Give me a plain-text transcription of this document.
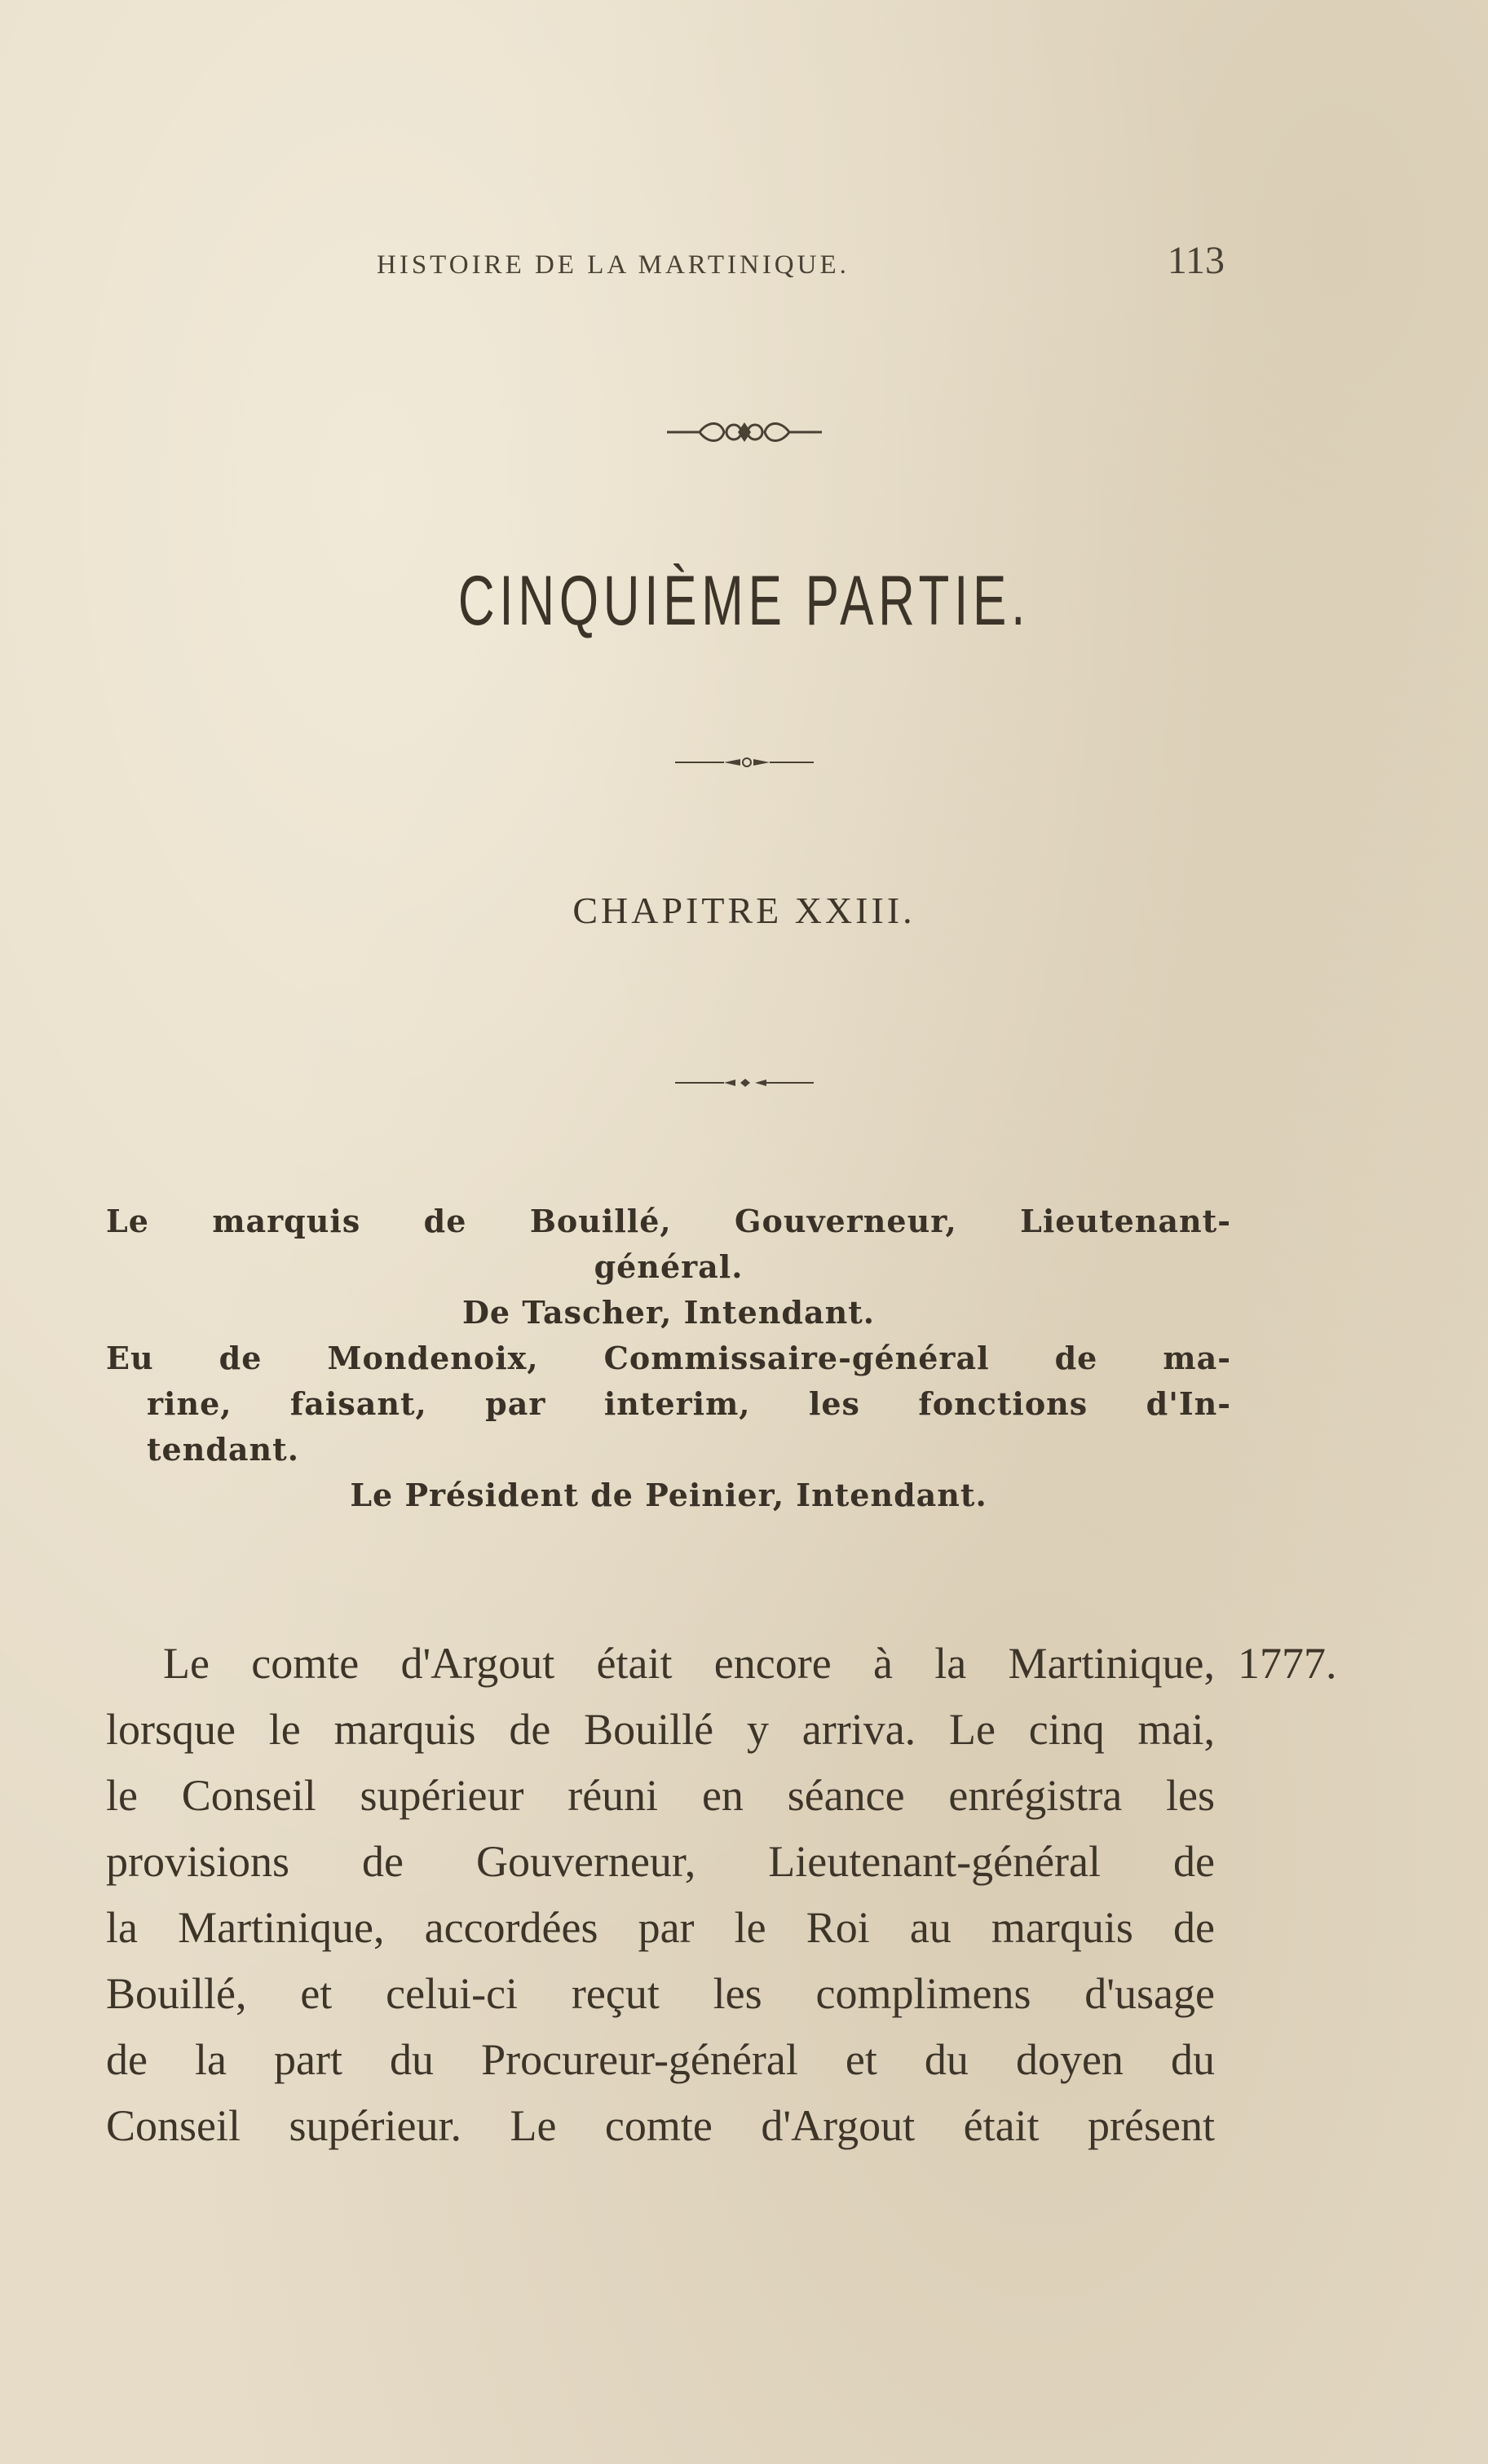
HISTOIRE DE LA MARTINIQUE.	113
CINQUIÈME PARTIE.
CHAPITRE XXIII.
Le marquis de Bouillé, Gouverneur, Lieutenant-
général.
De Tascher, Intendant.
Eu de Mondenoix, Commissaire-général de ma-
rine, faisant, par interim, les fonctions d'In-
tendant.
Le Président de Peinier, Intendant.
Le comte d'Argout était encore à la Martinique,
lorsque le marquis de Bouillé y arriva. Le cinq mai,
le Conseil supérieur réuni en séance enrégistra les
provisions de Gouverneur, Lieutenant-général de
la Martinique, accordées par le Roi au marquis de
Bouillé, et celui-ci reçut les complimens d'usage
de la part du Procureur-général et du doyen du
Conseil supérieur. Le comte d'Argout était présent
1777.
